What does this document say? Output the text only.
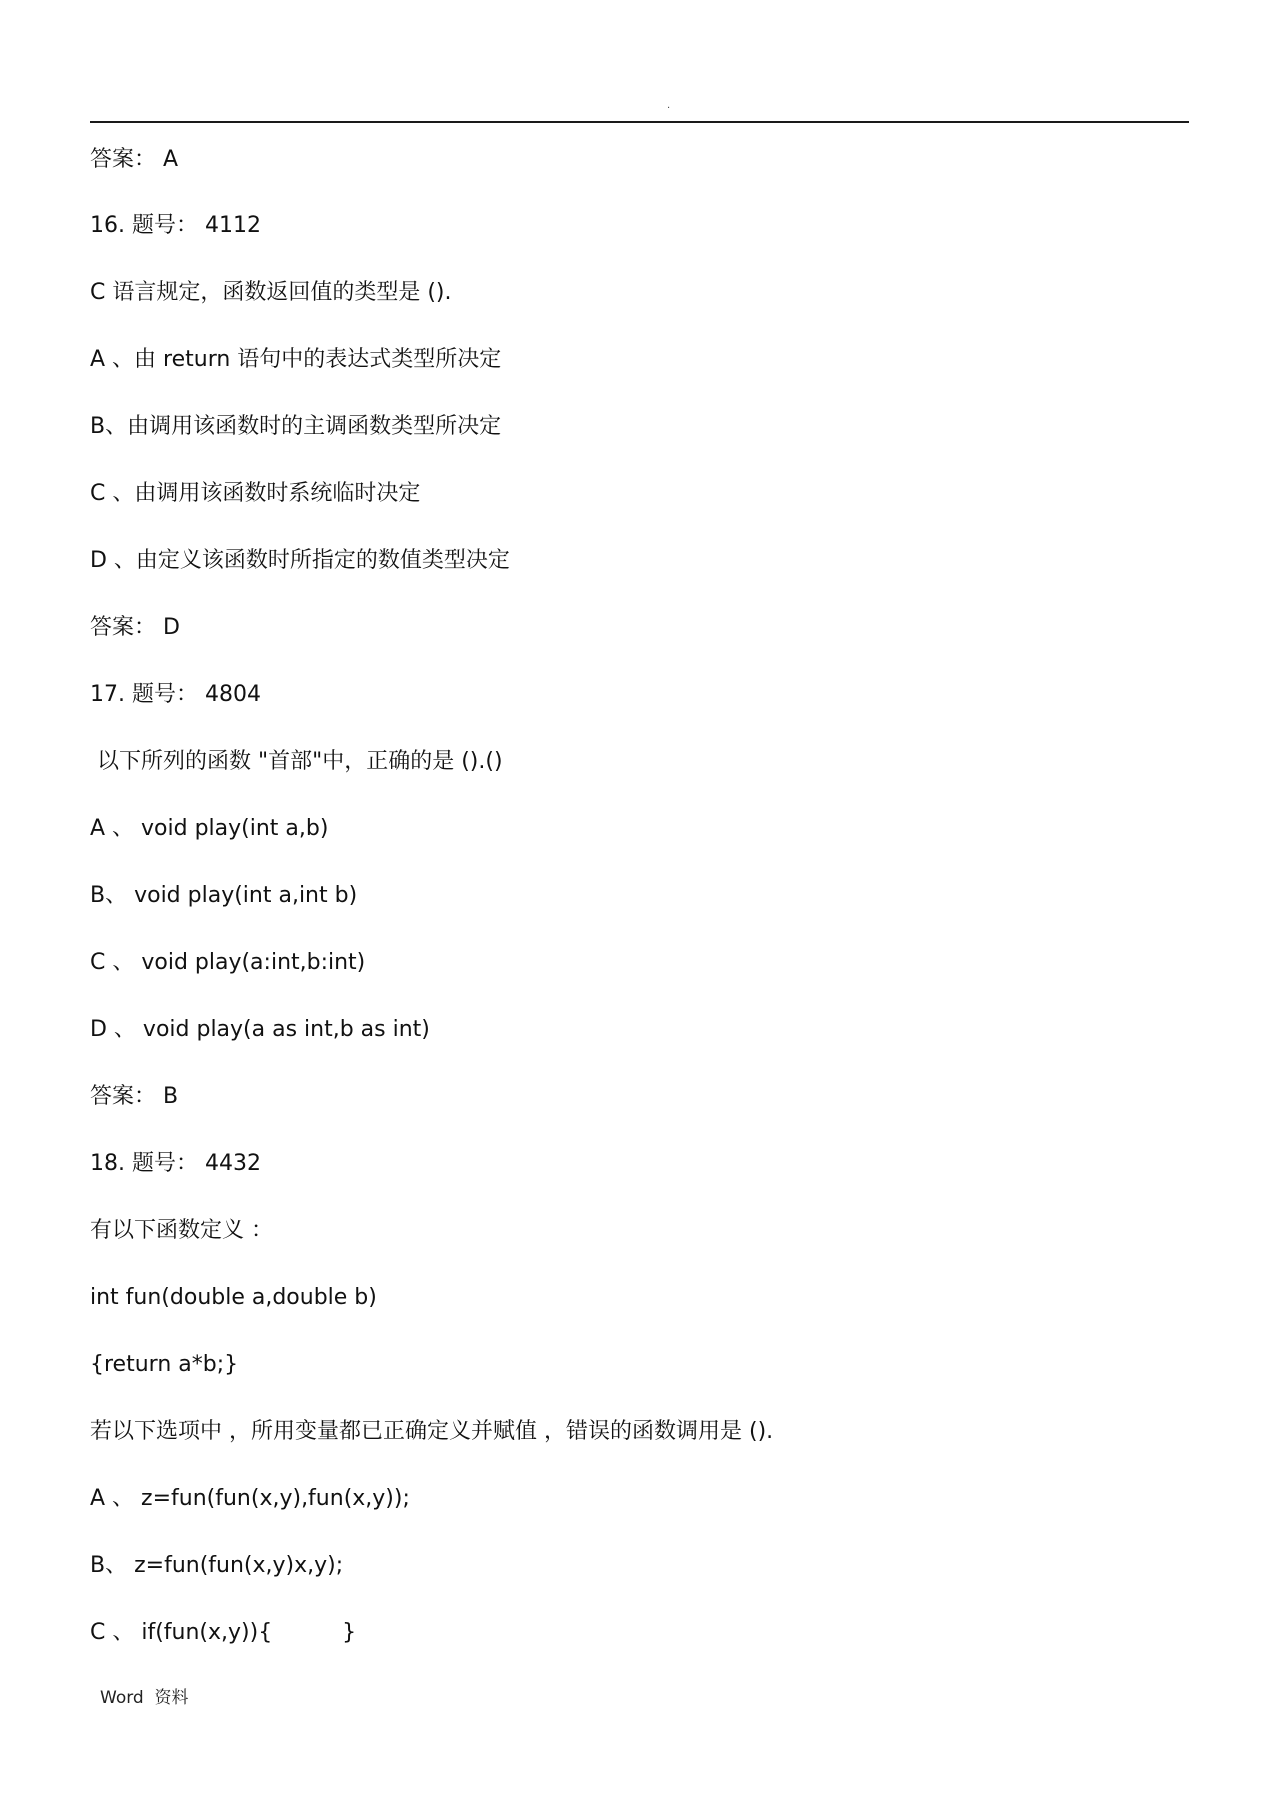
.
答案： A
16. 题号： 4112
C 语言规定，函数返回值的类型是 ().
A 、由 return 语句中的表达式类型所决定
B、由调用该函数时的主调函数类型所决定
C 、由调用该函数时系统临时决定
D 、由定义该函数时所指定的数值类型决定
答案： D
17. 题号： 4804
以下所列的函数 "首部"中，正确的是 ().()
A 、 void play(int a,b)
B、 void play(int a,int b)
C 、 void play(a:int,b:int)
D 、 void play(a as int,b as int)
答案： B
18. 题号： 4432
有以下函数定义 ：
int fun(double a,double b)
{return a*b;}
若以下选项中 ，所用变量都已正确定义并赋值 ，错误的函数调用是 ().
A 、 z=fun(fun(x,y),fun(x,y));
B、 z=fun(fun(x,y)x,y);
C 、 if(fun(x,y)){          }
Word  资料
